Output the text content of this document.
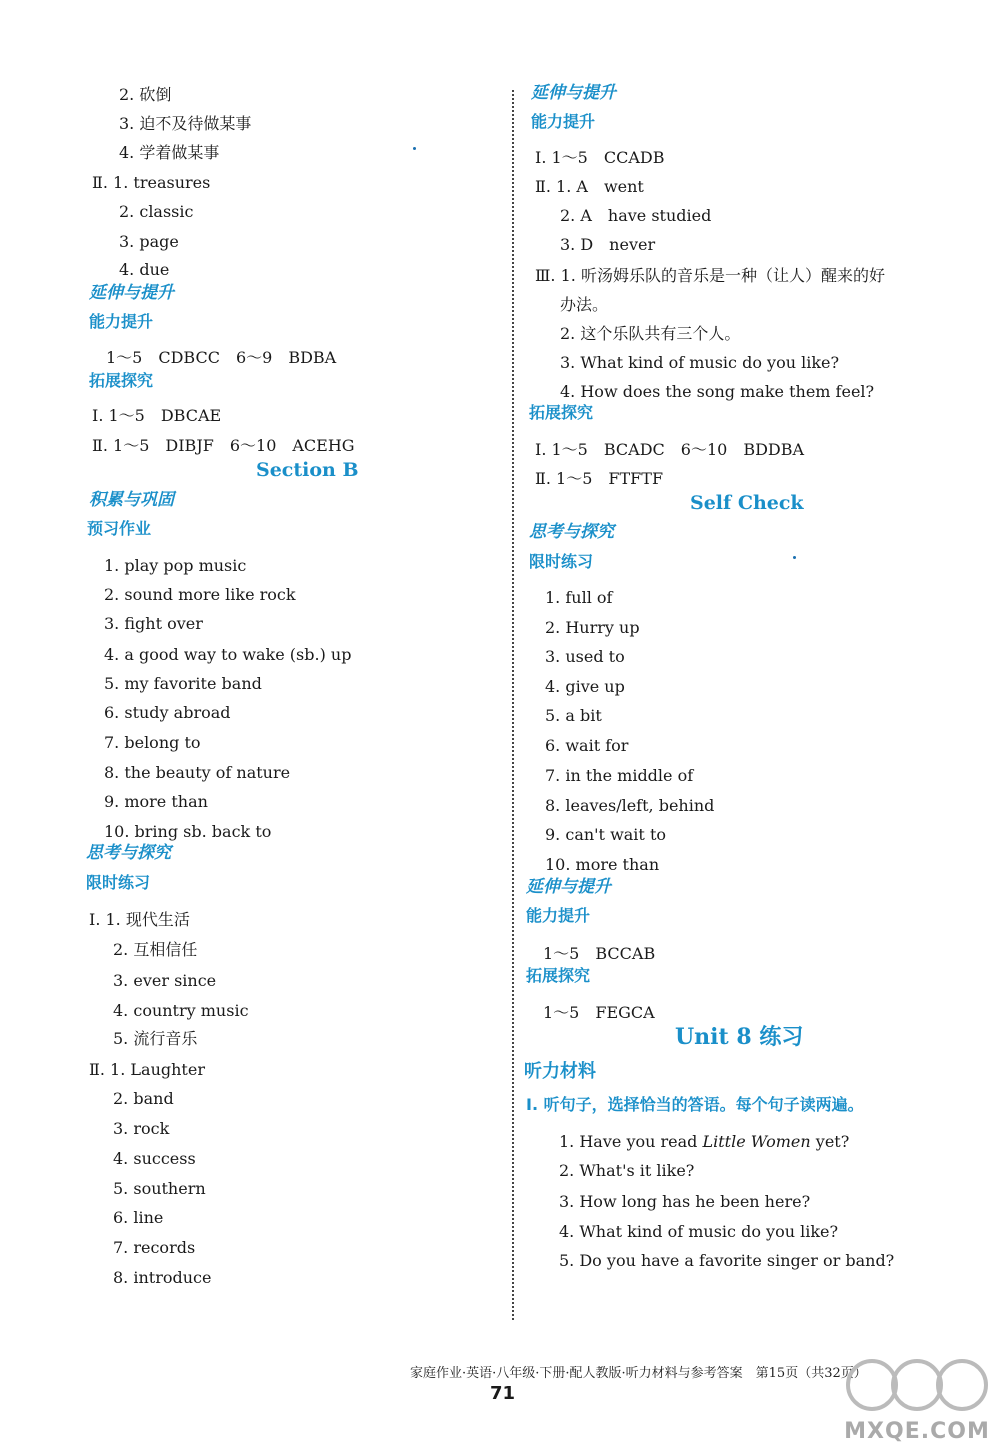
2. 砍倒
3. 迫不及待做某事
4. 学着做某事
Ⅱ. 1. treasures
2. classic
3. page
4. due
延伸与提升
能力提升
1～5　CDBCC　6～9　BDBA
拓展探究
Ⅰ. 1～5　DBCAE
Ⅱ. 1～5　DIBJF　6～10　ACEHG
Section B
积累与巩固
预习作业
1. play pop music
2. sound more like rock
3. fight over
4. a good way to wake (sb.) up
5. my favorite band
6. study abroad
7. belong to
8. the beauty of nature
9. more than
10. bring sb. back to
思考与探究
限时练习
Ⅰ. 1. 现代生活
2. 互相信任
3. ever since
4. country music
5. 流行音乐
Ⅱ. 1. Laughter
2. band
3. rock
4. success
5. southern
6. line
7. records
8. introduce
延伸与提升
能力提升
Ⅰ. 1～5　CCADB
Ⅱ. 1. A　went
2. A　have studied
3. D　never
Ⅲ. 1. 听汤姆乐队的音乐是一种（让人）醒来的好
办法。
2. 这个乐队共有三个人。
3. What kind of music do you like?
4. How does the song make them feel?
拓展探究
Ⅰ. 1～5　BCADC　6～10　BDDBA
Ⅱ. 1～5　FTFTF
Self Check
思考与探究
限时练习
1. full of
2. Hurry up
3. used to
4. give up
5. a bit
6. wait for
7. in the middle of
8. leaves/left, behind
9. can't wait to
10. more than
延伸与提升
能力提升
1～5　BCCAB
拓展探究
1～5　FEGCA
Unit 8 练习
听力材料
Ⅰ. 听句子，选择恰当的答语。每个句子读两遍。
1. Have you read Little Women yet?
2. What's it like?
3. How long has he been here?
4. What kind of music do you like?
5. Do you have a favorite singer or band?
家庭作业·英语·八年级·下册·配人教版·听力材料与参考答案　第15页（共32页）
71
MXQE.COM
